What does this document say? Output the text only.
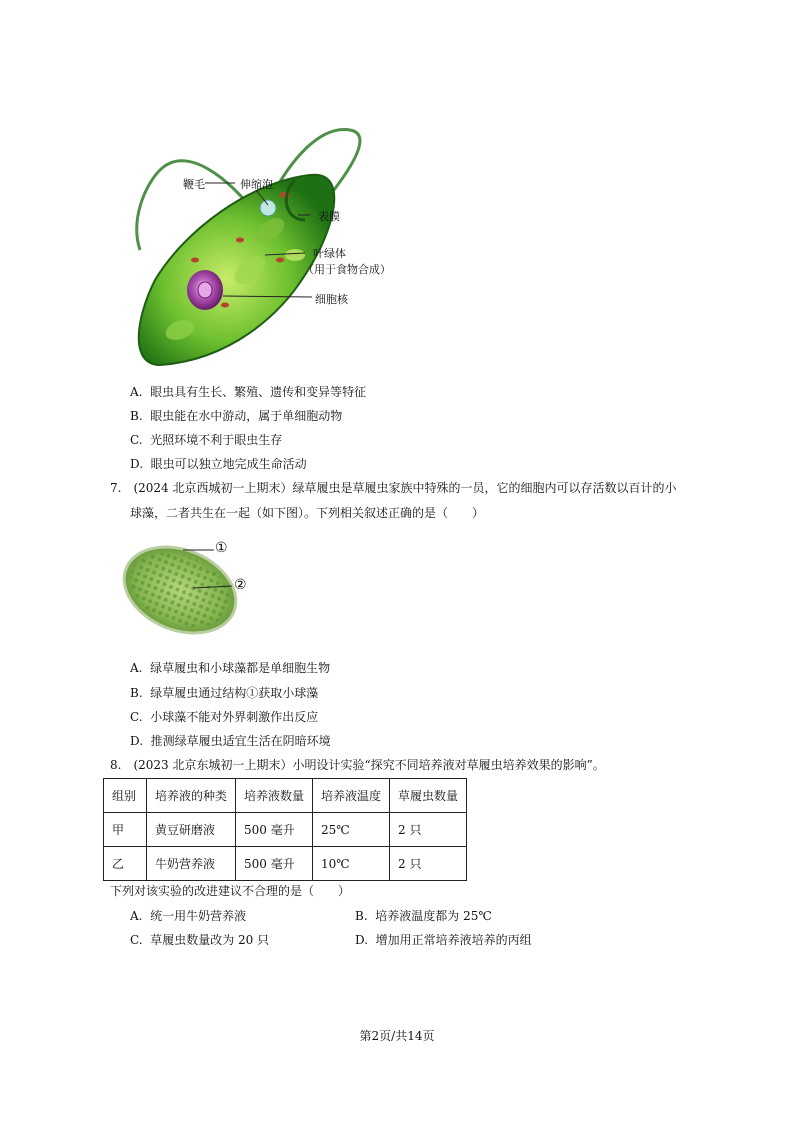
鞭毛	伸缩泡
表膜
叶绿体
（用于食物合成）
细胞核
A. 眼虫具有生长、繁殖、遗传和变异等特征
B. 眼虫能在水中游动，属于单细胞动物
C. 光照环境不利于眼虫生存
D. 眼虫可以独立地完成生命活动
7.　(2024 北京西城初一上期末）绿草履虫是草履虫家族中特殊的一员，它的细胞内可以存活数以百计的小
球藻，二者共生在一起（如下图）。下列相关叙述正确的是（　　）
①
②
A. 绿草履虫和小球藻都是单细胞生物
B. 绿草履虫通过结构①获取小球藻
C. 小球藻不能对外界刺激作出反应
D. 推测绿草履虫适宜生活在阴暗环境
8.　(2023 北京东城初一上期末）小明设计实验“探究不同培养液对草履虫培养效果的影响”。
组别	培养液的种类	培养液数量	培养液温度	草履虫数量
甲	黄豆研磨液	500 毫升	25℃	2 只
乙	牛奶营养液	500 毫升	10℃	2 只
下列对该实验的改进建议不合理的是（　　）
A. 统一用牛奶营养液	B. 培养液温度都为 25℃
C. 草履虫数量改为 20 只	D. 增加用正常培养液培养的丙组
第2页/共14页
